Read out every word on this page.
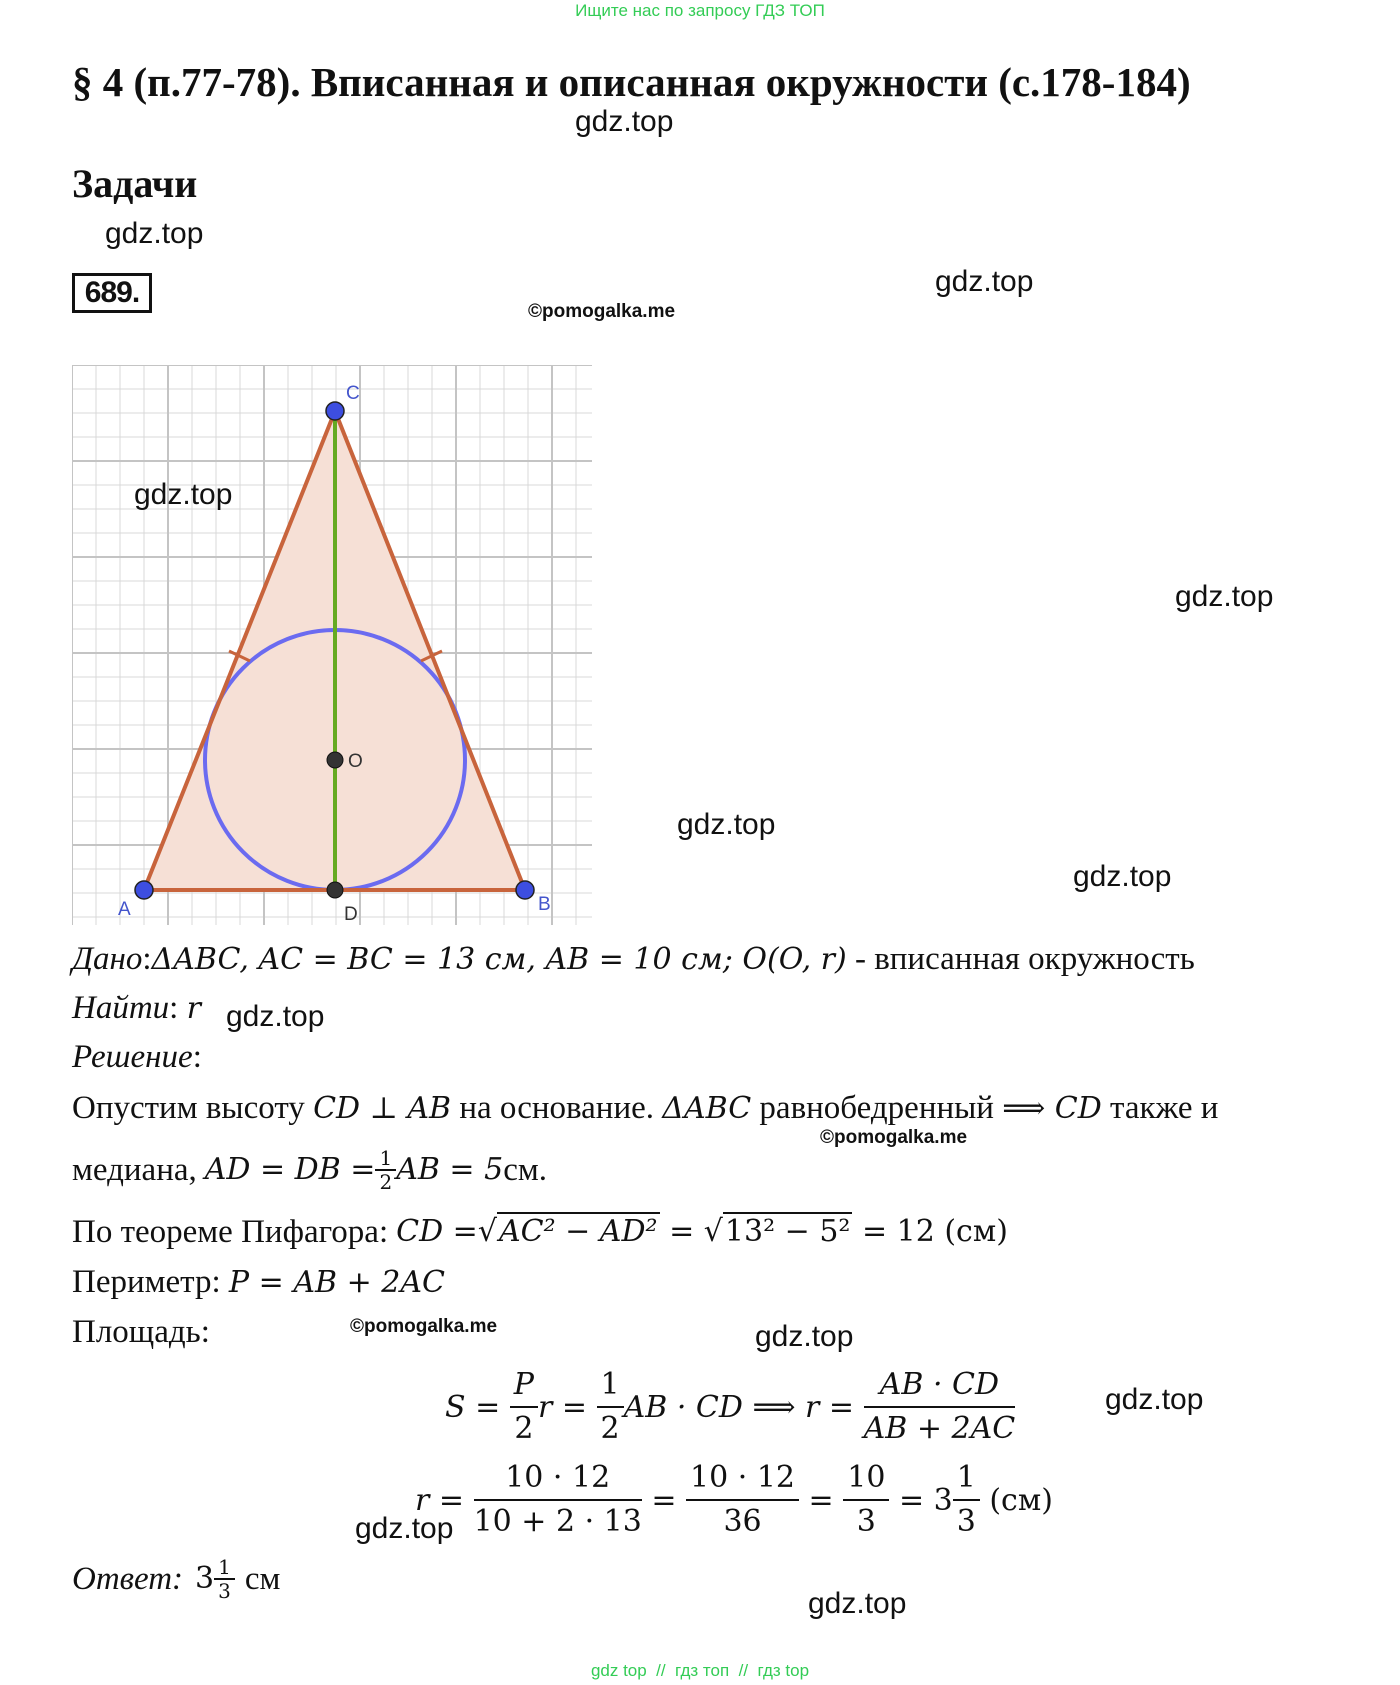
Ищите нас по запросу ГДЗ ТОП
§ 4 (п.77-78). Вписанная и описанная окружности (с.178-184)
gdz.top
Задачи
gdz.top
689.	gdz.top
©pomogalka.me
A	B
C
D
O
gdz.top
gdz.top
gdz.top
gdz.top
Дано:ΔABC, AC = BC = 13 см, AB = 10 см; O(O, r) - вписанная окружность
Найти: r gdz.top
Решение:
Опустим высоту CD ⊥ AB на основание. ΔABC равнобедренный ⟹ CD также и
©pomogalka.me
медиана, AD = DB = $\frac{1}{2}$ AB = 5 см.
По теореме Пифагора: CD = √AC² − AD² = √13² − 5² = 12 (см)
Периметр: P = AB + 2AC
Площадь:	©pomogalka.me	gdz.top
$S = \frac{P}{2}$ $r = \frac{1}{2}$ AB · CD ⟹ $r = \frac{AB \cdot CD}{AB + 2AC}$	gdz.top
$r = \frac{10 \cdot 12}{10 + 2 \cdot 13} = \frac{10 \cdot 12}{36} = \frac{10}{3} = 3 \frac{1}{3} (см)$
gdz.top
Ответ: $3 \frac{1}{3}$ см
gdz.top
gdz top  //  гдз топ  //  гдз top
